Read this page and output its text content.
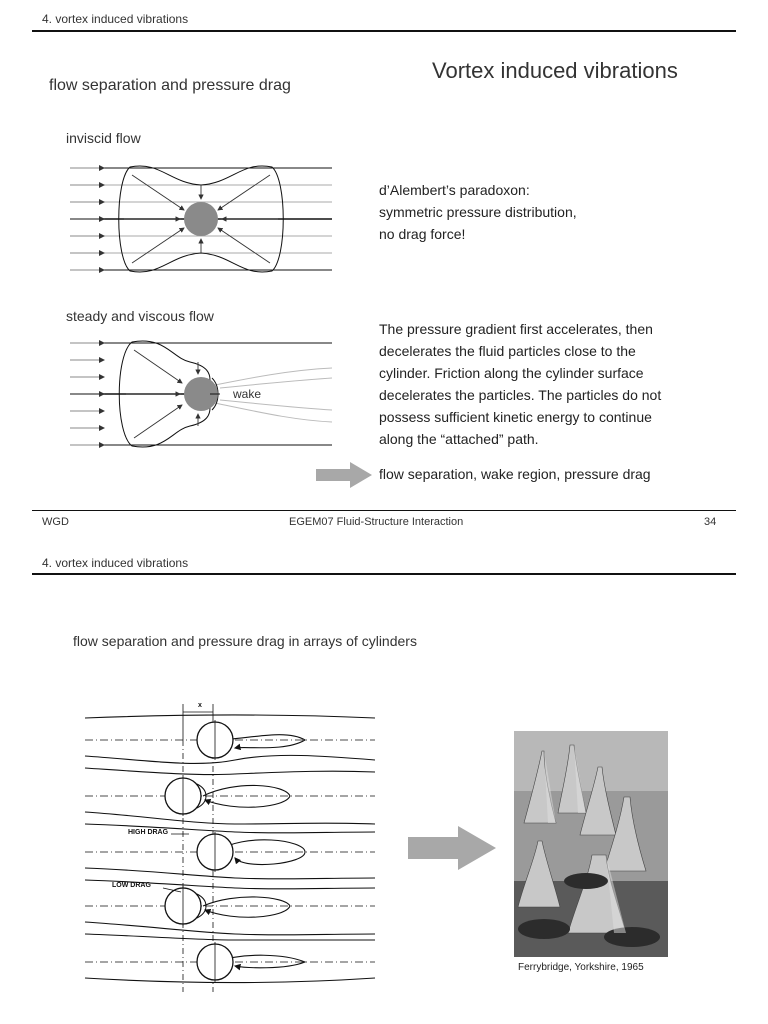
4. vortex induced vibrations
Vortex induced vibrations
flow separation and pressure drag
inviscid flow
d’Alembert’s paradoxon:
symmetric pressure distribution,
no drag force!
steady and viscous flow
wake
The pressure gradient first accelerates, then
decelerates the fluid particles close to the
cylinder. Friction along the cylinder surface
decelerates the particles. The particles do not
possess sufficient kinetic energy to continue
along the “attached” path.
flow separation, wake region, pressure drag
WGD	EGEM07 Fluid-Structure Interaction	34
4. vortex induced vibrations
flow separation and pressure drag in arrays of cylinders
x
HIGH DRAG
LOW DRAG
Ferrybridge, Yorkshire, 1965
